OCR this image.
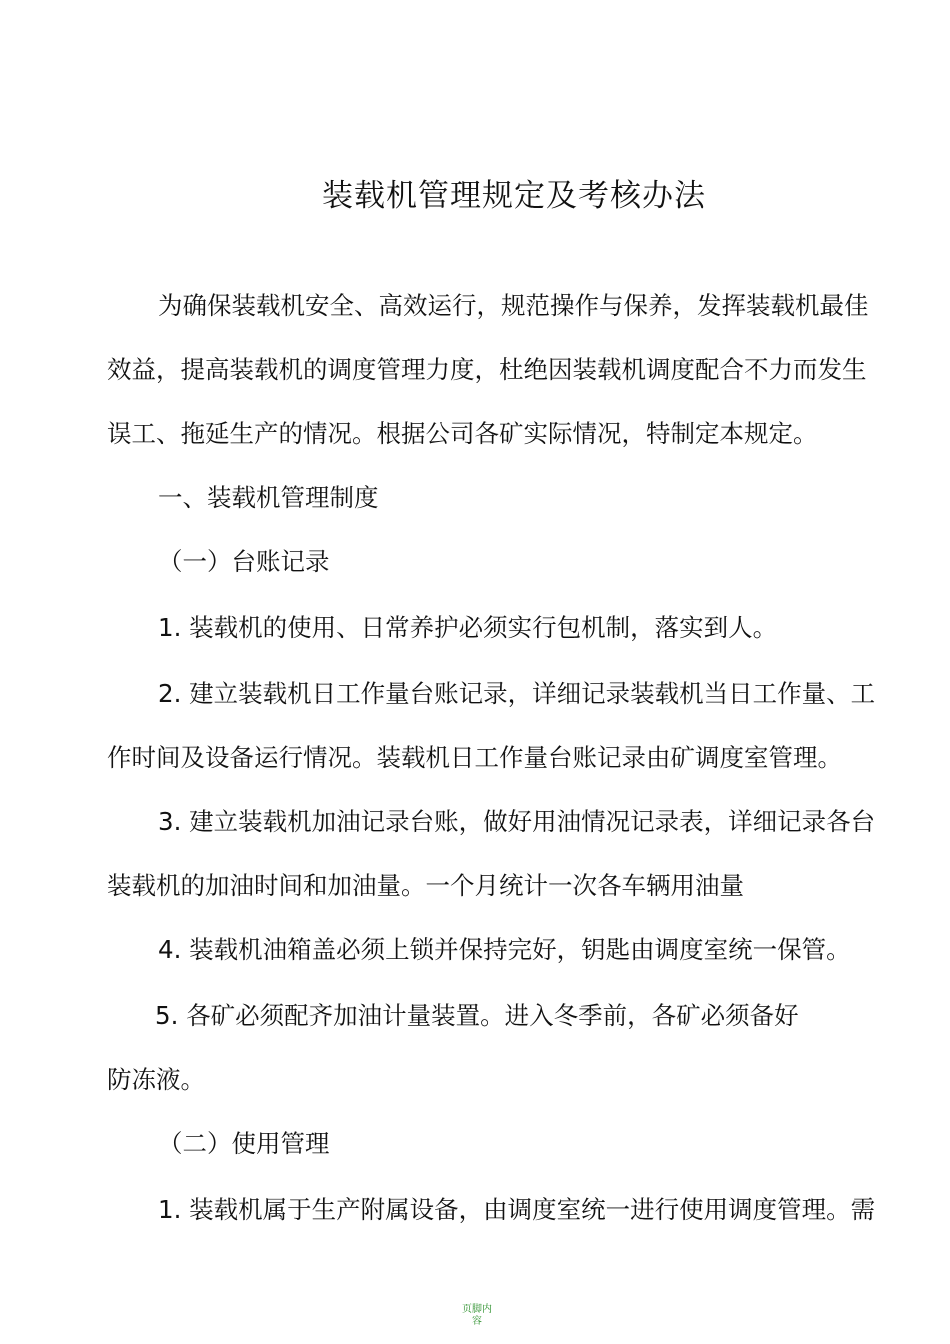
装载机管理规定及考核办法
为确保装载机安全、高效运行，规范操作与保养，发挥装载机最佳
效益，提高装载机的调度管理力度，杜绝因装载机调度配合不力而发生
误工、拖延生产的情况。根据公司各矿实际情况，特制定本规定。
一、装载机管理制度
（一）台账记录
1. 装载机的使用、日常养护必须实行包机制，落实到人。
2. 建立装载机日工作量台账记录，详细记录装载机当日工作量、工
作时间及设备运行情况。装载机日工作量台账记录由矿调度室管理。
3. 建立装载机加油记录台账，做好用油情况记录表，详细记录各台
装载机的加油时间和加油量。一个月统计一次各车辆用油量
4. 装载机油箱盖必须上锁并保持完好，钥匙由调度室统一保管。
5. 各矿必须配齐加油计量装置。进入冬季前，各矿必须备好
防冻液。
（二）使用管理
1. 装载机属于生产附属设备，由调度室统一进行使用调度管理。需
页脚内容
